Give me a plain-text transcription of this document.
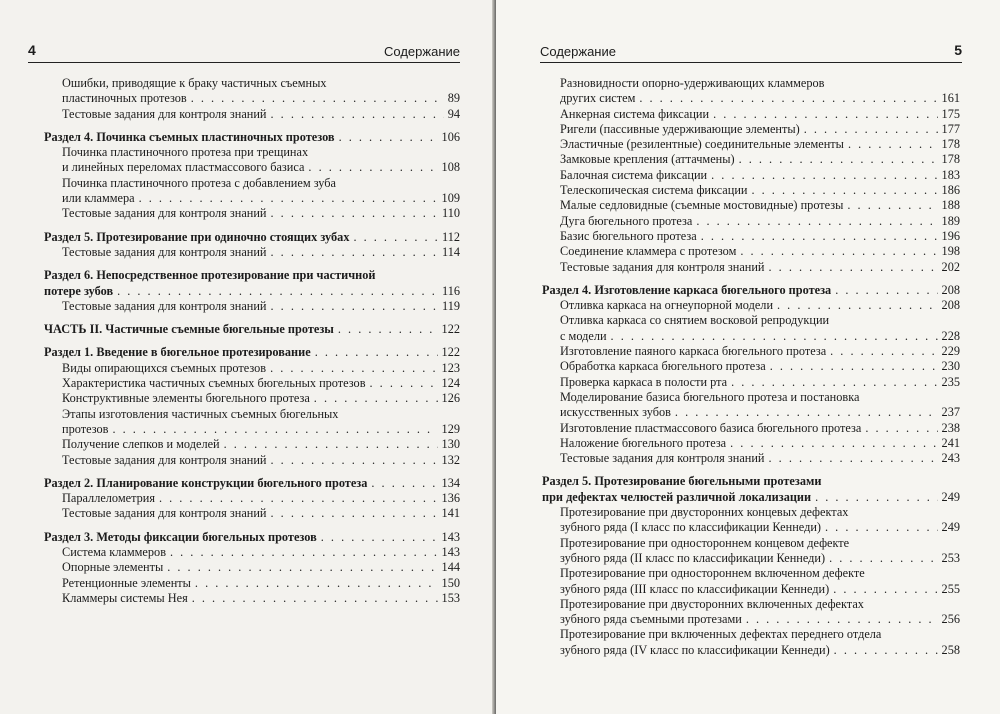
4	Содержание
Ошибки, приводящие к браку частичных съемных
пластиночных протезов . . .	89
Тестовые задания для контроля знаний . . .	94
Раздел 4. Починка съемных пластиночных протезов . . .	106
Починка пластиночного протеза при трещинах
и линейных переломах пластмассового базиса . . .	108
Починка пластиночного протеза с добавлением зуба
или кламмера . . .	109
Тестовые задания для контроля знаний . . .	110
Раздел 5. Протезирование при одиночно стоящих зубах . . .	112
Тестовые задания для контроля знаний . . .	114
Раздел 6. Непосредственное протезирование при частичной
потере зубов . . .	116
Тестовые задания для контроля знаний . . .	119
ЧАСТЬ II. Частичные съемные бюгельные протезы . . .	122
Раздел 1. Введение в бюгельное протезирование . . .	122
Виды опирающихся съемных протезов . . .	123
Характеристика частичных съемных бюгельных протезов . . .	124
Конструктивные элементы бюгельного протеза . . .	126
Этапы изготовления частичных съемных бюгельных
протезов . . .	129
Получение слепков и моделей . . .	130
Тестовые задания для контроля знаний . . .	132
Раздел 2. Планирование конструкции бюгельного протеза . . .	134
Параллелометрия . . .	136
Тестовые задания для контроля знаний . . .	141
Раздел 3. Методы фиксации бюгельных протезов . . .	143
Система кламмеров . . .	143
Опорные элементы . . .	144
Ретенционные элементы . . .	150
Кламмеры системы Нея . . .	153
Содержание	5
Разновидности опорно-удерживающих кламмеров
других систем . . .	161
Анкерная система фиксации . . .	175
Ригели (пассивные удерживающие элементы) . . .	177
Эластичные (резилентные) соединительные элементы . . .	178
Замковые крепления (аттачмены) . . .	178
Балочная система фиксации . . .	183
Телескопическая система фиксации . . .	186
Малые седловидные (съемные мостовидные) протезы . . .	188
Дуга бюгельного протеза . . .	189
Базис бюгельного протеза . . .	196
Соединение кламмера с протезом . . .	198
Тестовые задания для контроля знаний . . .	202
Раздел 4. Изготовление каркаса бюгельного протеза . . .	208
Отливка каркаса на огнеупорной модели . . .	208
Отливка каркаса со снятием восковой репродукции
с модели . . .	228
Изготовление паяного каркаса бюгельного протеза . . .	229
Обработка каркаса бюгельного протеза . . .	230
Проверка каркаса в полости рта . . .	235
Моделирование базиса бюгельного протеза и постановка
искусственных зубов . . .	237
Изготовление пластмассового базиса бюгельного протеза . . .	238
Наложение бюгельного протеза . . .	241
Тестовые задания для контроля знаний . . .	243
Раздел 5. Протезирование бюгельными протезами
при дефектах челюстей различной локализации . . .	249
Протезирование при двусторонних концевых дефектах
зубного ряда (I класс по классификации Кеннеди) . . .	249
Протезирование при одностороннем концевом дефекте
зубного ряда (II класс по классификации Кеннеди) . . .	253
Протезирование при одностороннем включенном дефекте
зубного ряда (III класс по классификации Кеннеди) . . .	255
Протезирование при двусторонних включенных дефектах
зубного ряда съемными протезами . . .	256
Протезирование при включенных дефектах переднего отдела
зубного ряда (IV класс по классификации Кеннеди) . . .	258
